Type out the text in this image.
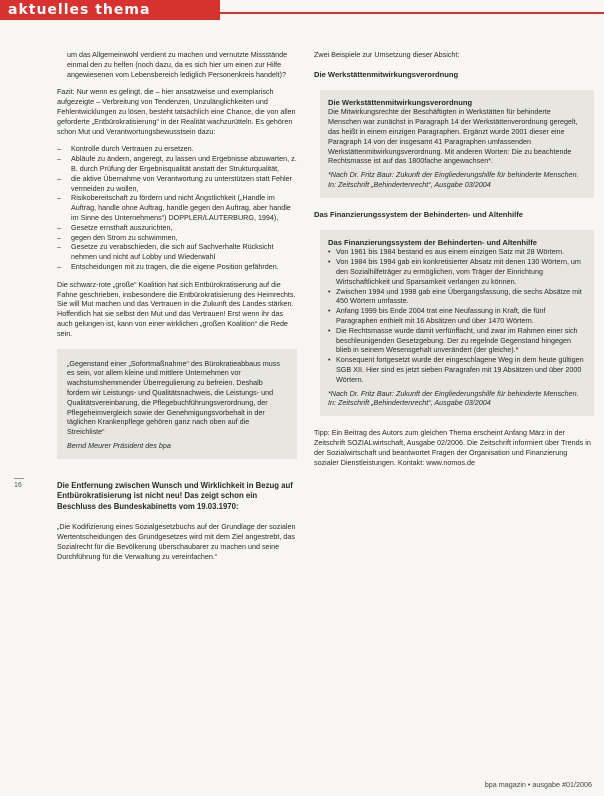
aktuelles thema
16

um das Allgemeinwohl verdient zu machen und vernutzte Missstände einmal den zu helfen (noch dazu, da es sich hier um einen zur Hilfe angewiesenen vom Lebensbereich lediglich Personenkreis handelt)?

Fazit: Nur wenn es gelingt, die – hier ansatzweise und exemplarisch aufgezeigte – Verbreitung von Tendenzen, Unzulänglichkeiten und Fehlentwicklungen zu lösen, besteht tatsächlich eine Chance, die von allen geforderte „Entbürokratisierung“ in der Realität wachzurütteln. Es gehören schon Mut und Verantwortungsbewusstsein dazu:

– Kontrolle durch Vertrauen zu ersetzen.
– Abläufe zu ändern, angeregt, zu lassen und Ergebnisse abzuwarten, z. B. durch Prüfung der Ergebnisqualität anstatt der Strukturqualität,
– die aktive Übernahme von Verantwortung zu unterstützen statt Fehler vermeiden zu wollen,
– Risikobereitschaft zu fördern und nicht Ängstlichkeit („Handle im Auftrag, handle ohne Auftrag, handle gegen den Auftrag, aber handle im Sinne des Unternehmens“) DOPPLER/LAUTERBURG, 1994),
– Gesetze ernsthaft auszurichten,
– gegen den Strom zu schwimmen,
– Gesetze zu verabschieden, die sich auf Sachverhalte Rücksicht nehmen und nicht auf Lobby und Wiederwahl
– Entscheidungen mit zu tragen, die die eigene Position gefährden.

Die schwarz-rote „große“ Koalition hat sich Entbürokratisierung auf die Fahne geschrieben, insbesondere die Entbürokratisierung des Heimrechts. Sie will Mut machen und das Vertrauen in die Zukunft des Landes stärken. Hoffentlich hat sie selbst den Mut und das Vertrauen! Erst wenn ihr das auch gelungen ist, kann von einer wirklichen „großen Koalition“ die Rede sein.

„Gegenstand einer „Sofortmaßnahme“ des Bürokratieabbaus muss es sein, vor allem kleine und mittlere Unternehmen vor wachstumshemmender Überregulierung zu befreien. Deshalb fordern wir Leistungs- und Qualitätsnachweis, die Leistungs- und Qualitätsvereinbarung, die Pflegebuchführungsverordnung, der Pflegeheimvergleich sowie der Genehmigungsvorbehalt in der täglichen Krankenpflege gehören ganz nach oben auf die Streichliste“

Bernd Meurer Präsident des bpa

Die Entfernung zwischen Wunsch und Wirklichkeit in Bezug auf Entbürokratisierung ist nicht neu! Das zeigt schon ein Beschluss des Bundeskabinetts vom 19.03.1970:

„Die Kodifizierung eines Sozialgesetzbuchs auf der Grundlage der sozialen Wertentscheidungen des Grundgesetzes wird mit dem Ziel angestrebt, das Sozialrecht für die Bevölkerung überschaubarer zu machen und seine Durchführung für die Verwaltung zu vereinfachen.“

Zwei Beispiele zur Umsetzung dieser Absicht:

Die Werkstättenmitwirkungsverordnung
Die Werkstättenmitwirkungsverordnung

Die Mitwirkungsrechte der Beschäftigten in Werkstätten für behinderte Menschen war zunächst in Paragraph 14 der Werkstättenverordnung geregelt, das heißt in einem einzigen Paragraphen. Ergänzt wurde 2001 dieser eine Paragraph 14 von der insgesamt 41 Paragraphen umfassenden Werkstättenmitwirkungsverordnung. Mit anderen Worten: Die zu beachtende Rechtsmasse ist auf das 1800fache angewachsen*.

*Nach Dr. Fritz Baur: Zukunft der Eingliederungshilfe für behinderte Menschen. In: Zeitschrift „Behindertenrecht“, Ausgabe 03/2004

Das Finanzierungssystem der Behinderten- und Altenhilfe
Das Finanzierungssystem der Behinderten- und Altenhilfe
• Von 1961 bis 1984 bestand es aus einem einzigen Satz mit 28 Wörtern.
• Von 1984 bis 1994 gab ein konkretisierter Absatz mit denen 130 Wörtern, um den Sozialhilfeträger zu ermöglichen, vom Träger der Einrichtung Wirtschaftlichkeit und Sparsamkeit verlangen zu können.
• Zwischen 1994 und 1998 gab eine Übergangsfassung, die sechs Absätze mit 450 Wörtern umfasste.
• Anfang 1999 bis Ende 2004 trat eine Neufassung in Kraft, die fünf Paragraphen enthielt mit 16 Absätzen und über 1470 Wörtern.
• Die Rechtsmasse wurde damit verfünffacht, und zwar im Rahmen einer sich beschleunigenden Gesetzgebung. Der zu regelnde Gegenstand hingegen blieb in seinem Wesensgehalt unverändert (der gleiche).*
• Konsequent fortgesetzt wurde der eingeschlagene Weg in dem heute gültigen SGB XII. Hier sind es jetzt sieben Paragrafen mit 19 Absätzen und über 2000 Wörtern.

*Nach Dr. Fritz Baur: Zukunft der Eingliederungshilfe für behinderte Menschen. In: Zeitschrift „Behindertenrecht“, Ausgabe 03/2004

Tipp: Ein Beitrag des Autors zum gleichen Thema erscheint Anfang März in der Zeitschrift SOZIALwirtschaft, Ausgabe 02/2006. Die Zeitschrift informiert über Trends in der Sozialwirtschaft und beantwortet Fragen der Organisation und Finanzierung sozialer Dienstleistungen. Kontakt: www.nomos.de

bpa magazin • ausgabe #01/2006
